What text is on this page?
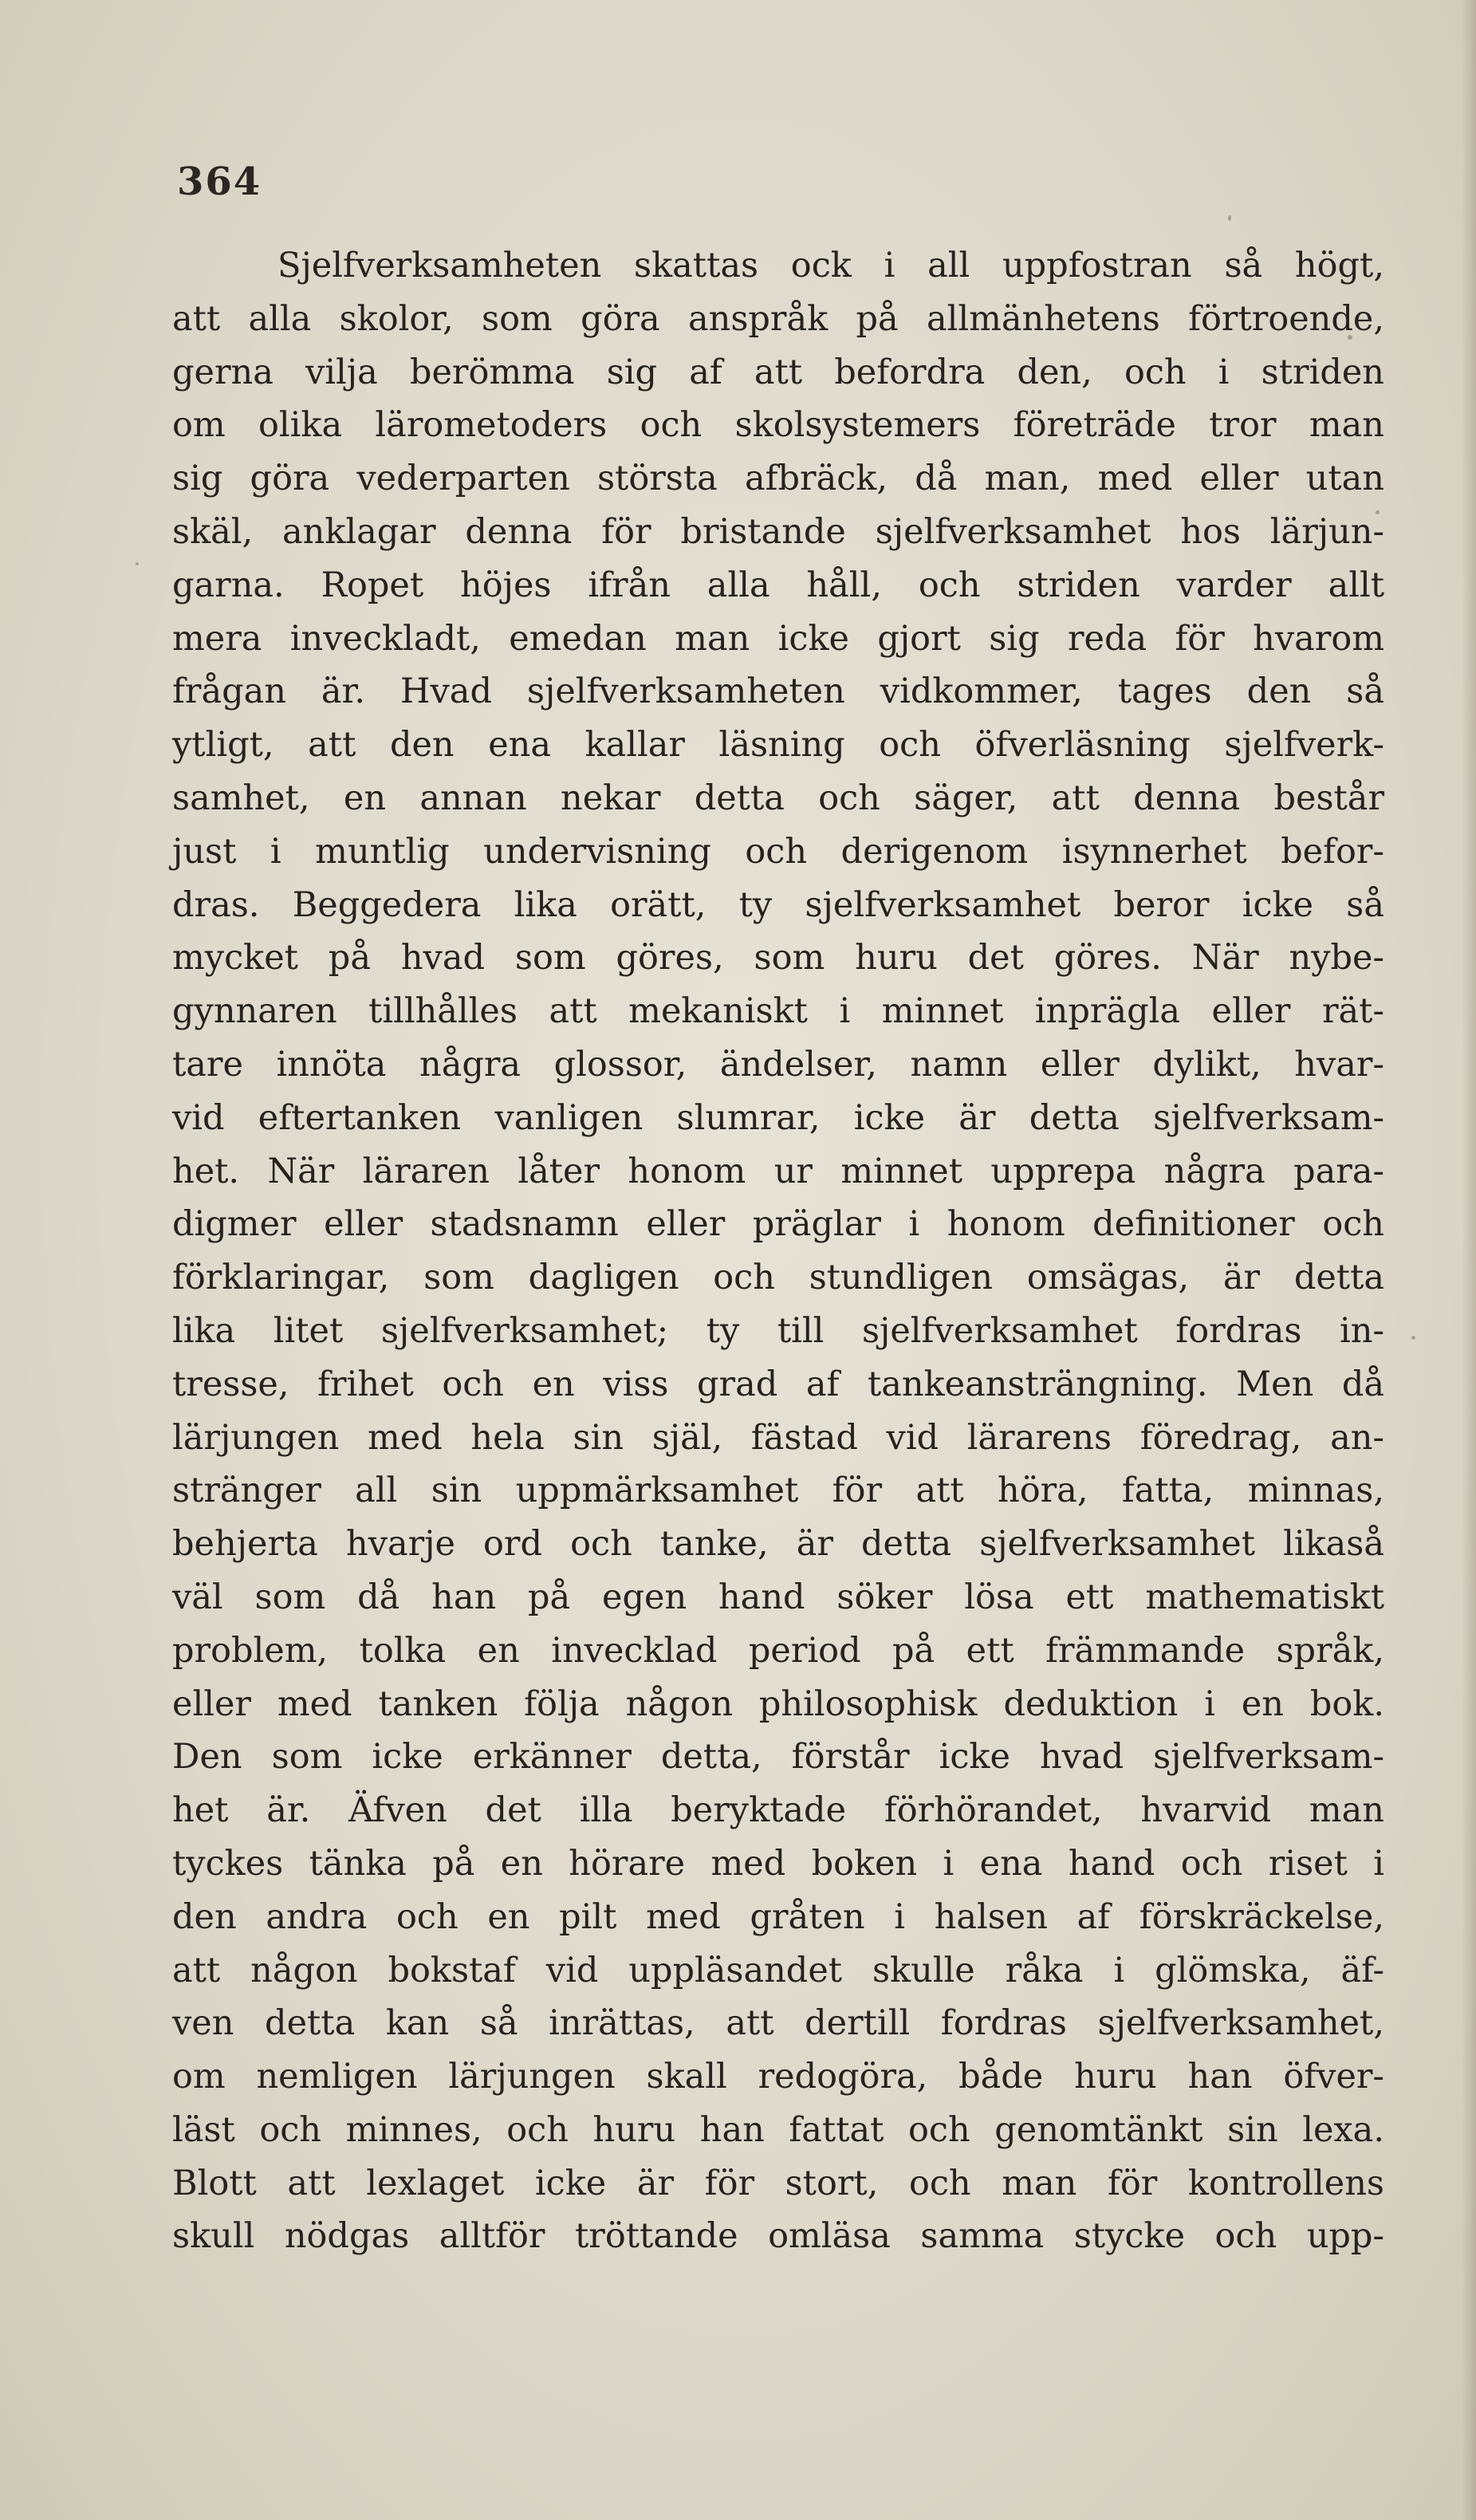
364
Sjelfverksamheten skattas ock i all uppfostran så högt,
att alla skolor, som göra anspråk på allmänhetens förtroende,
gerna vilja berömma sig af att befordra den, och i striden
om olika lärometoders och skolsystemers företräde tror man
sig göra vederparten största afbräck, då man, med eller utan
skäl, anklagar denna för bristande sjelfverksamhet hos lärjun-
garna. Ropet höjes ifrån alla håll, och striden varder allt
mera inveckladt, emedan man icke gjort sig reda för hvarom
frågan är. Hvad sjelfverksamheten vidkommer, tages den så
ytligt, att den ena kallar läsning och öfverläsning sjelfverk-
samhet, en annan nekar detta och säger, att denna består
just i muntlig undervisning och derigenom isynnerhet befor-
dras. Beggedera lika orätt, ty sjelfverksamhet beror icke så
mycket på hvad som göres, som huru det göres. När nybe-
gynnaren tillhålles att mekaniskt i minnet inprägla eller rät-
tare innöta några glossor, ändelser, namn eller dylikt, hvar-
vid eftertanken vanligen slumrar, icke är detta sjelfverksam-
het. När läraren låter honom ur minnet upprepa några para-
digmer eller stadsnamn eller präglar i honom definitioner och
förklaringar, som dagligen och stundligen omsägas, är detta
lika litet sjelfverksamhet; ty till sjelfverksamhet fordras in-
tresse, frihet och en viss grad af tankeansträngning. Men då
lärjungen med hela sin själ, fästad vid lärarens föredrag, an-
stränger all sin uppmärksamhet för att höra, fatta, minnas,
behjerta hvarje ord och tanke, är detta sjelfverksamhet likaså
väl som då han på egen hand söker lösa ett mathematiskt
problem, tolka en invecklad period på ett främmande språk,
eller med tanken följa någon philosophisk deduktion i en bok.
Den som icke erkänner detta, förstår icke hvad sjelfverksam-
het är. Äfven det illa beryktade förhörandet, hvarvid man
tyckes tänka på en hörare med boken i ena hand och riset i
den andra och en pilt med gråten i halsen af förskräckelse,
att någon bokstaf vid uppläsandet skulle råka i glömska, äf-
ven detta kan så inrättas, att dertill fordras sjelfverksamhet,
om nemligen lärjungen skall redogöra, både huru han öfver-
läst och minnes, och huru han fattat och genomtänkt sin lexa.
Blott att lexlaget icke är för stort, och man för kontrollens
skull nödgas alltför tröttande omläsa samma stycke och upp-
